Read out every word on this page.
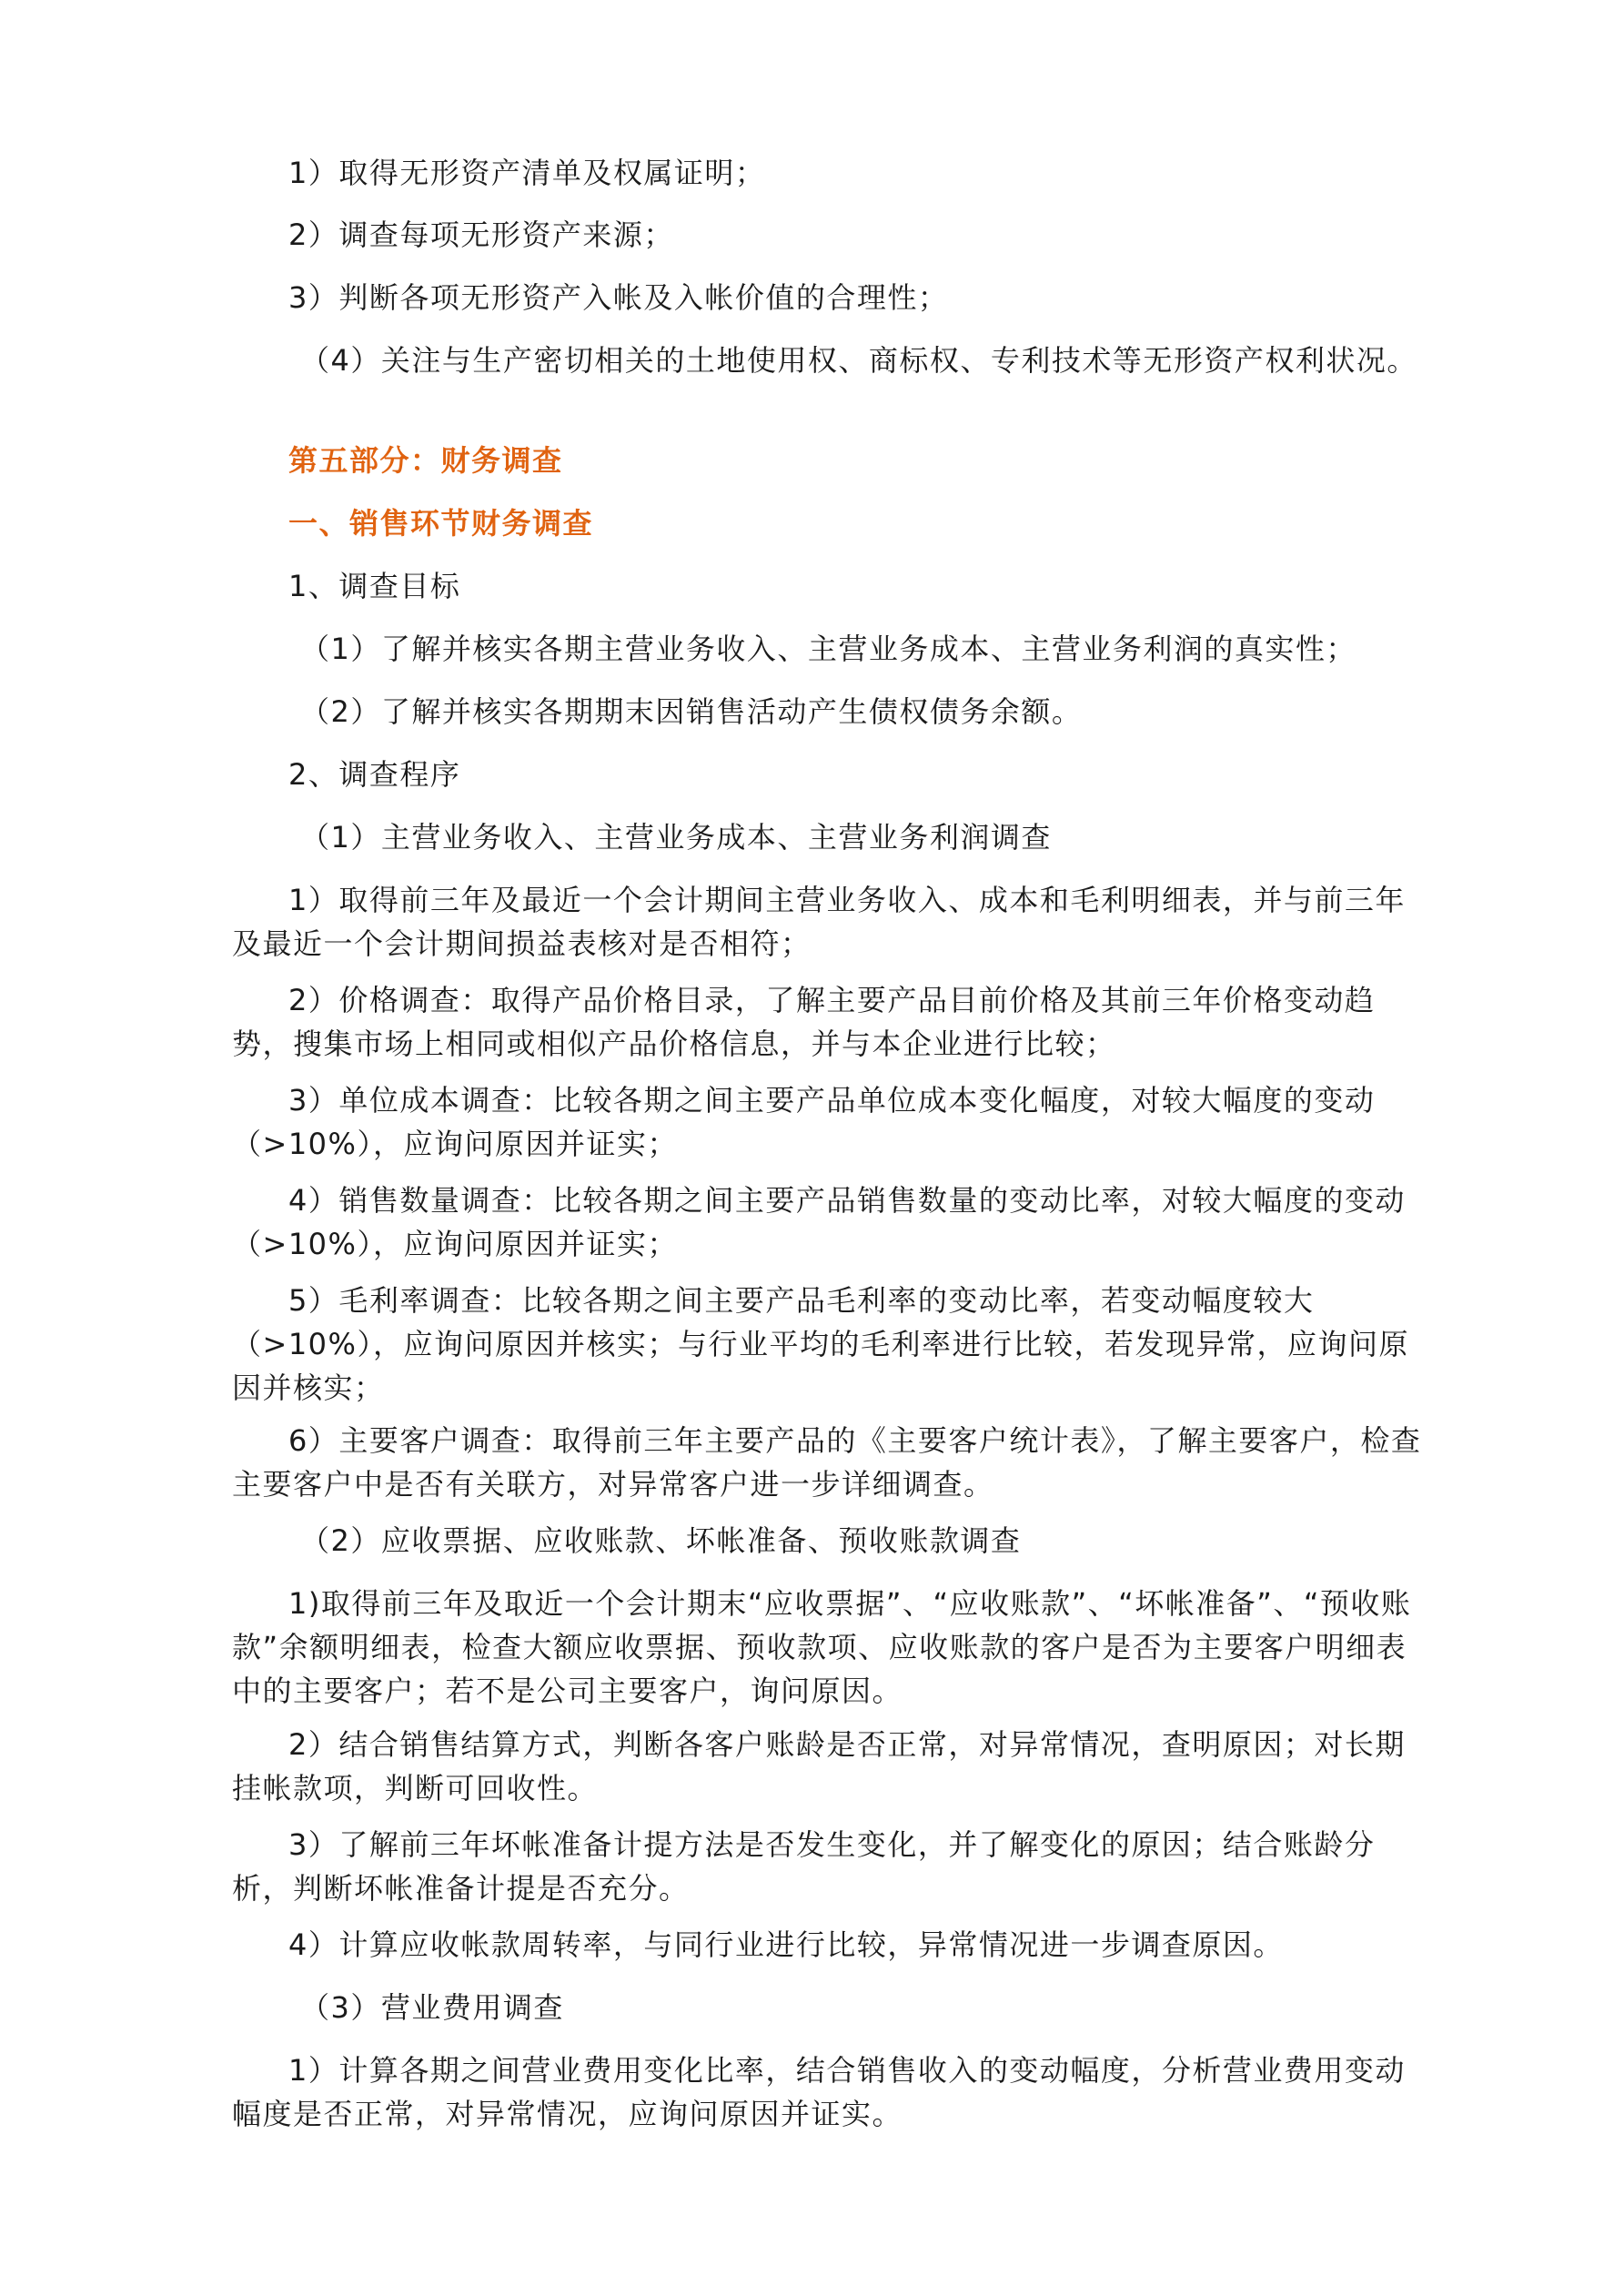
1）取得无形资产清单及权属证明；

2）调查每项无形资产来源；

3）判断各项无形资产入帐及入帐价值的合理性；

（4）关注与生产密切相关的土地使用权、商标权、专利技术等无形资产权利状况。

第五部分：财务调查

一、销售环节财务调查

1、调查目标

（1）了解并核实各期主营业务收入、主营业务成本、主营业务利润的真实性；

（2）了解并核实各期期末因销售活动产生债权债务余额。

2、调查程序

（1）主营业务收入、主营业务成本、主营业务利润调查

1）取得前三年及最近一个会计期间主营业务收入、成本和毛利明细表，并与前三年及最近一个会计期间损益表核对是否相符；

2）价格调查：取得产品价格目录，了解主要产品目前价格及其前三年价格变动趋势，搜集市场上相同或相似产品价格信息，并与本企业进行比较；

3）单位成本调查：比较各期之间主要产品单位成本变化幅度，对较大幅度的变动（>10%），应询问原因并证实；

4）销售数量调查：比较各期之间主要产品销售数量的变动比率，对较大幅度的变动（>10%），应询问原因并证实；

5）毛利率调查：比较各期之间主要产品毛利率的变动比率，若变动幅度较大（>10%），应询问原因并核实；与行业平均的毛利率进行比较，若发现异常，应询问原因并核实；

6）主要客户调查：取得前三年主要产品的《主要客户统计表》，了解主要客户，检查主要客户中是否有关联方，对异常客户进一步详细调查。

（2）应收票据、应收账款、坏帐准备、预收账款调查

1)取得前三年及取近一个会计期末“应收票据”、“应收账款”、“坏帐准备”、“预收账款”余额明细表，检查大额应收票据、预收款项、应收账款的客户是否为主要客户明细表中的主要客户；若不是公司主要客户，询问原因。

2）结合销售结算方式，判断各客户账龄是否正常，对异常情况，查明原因；对长期挂帐款项，判断可回收性。

3）了解前三年坏帐准备计提方法是否发生变化，并了解变化的原因；结合账龄分析，判断坏帐准备计提是否充分。

4）计算应收帐款周转率，与同行业进行比较，异常情况进一步调查原因。

（3）营业费用调查

1）计算各期之间营业费用变化比率，结合销售收入的变动幅度，分析营业费用变动幅度是否正常，对异常情况，应询问原因并证实。
